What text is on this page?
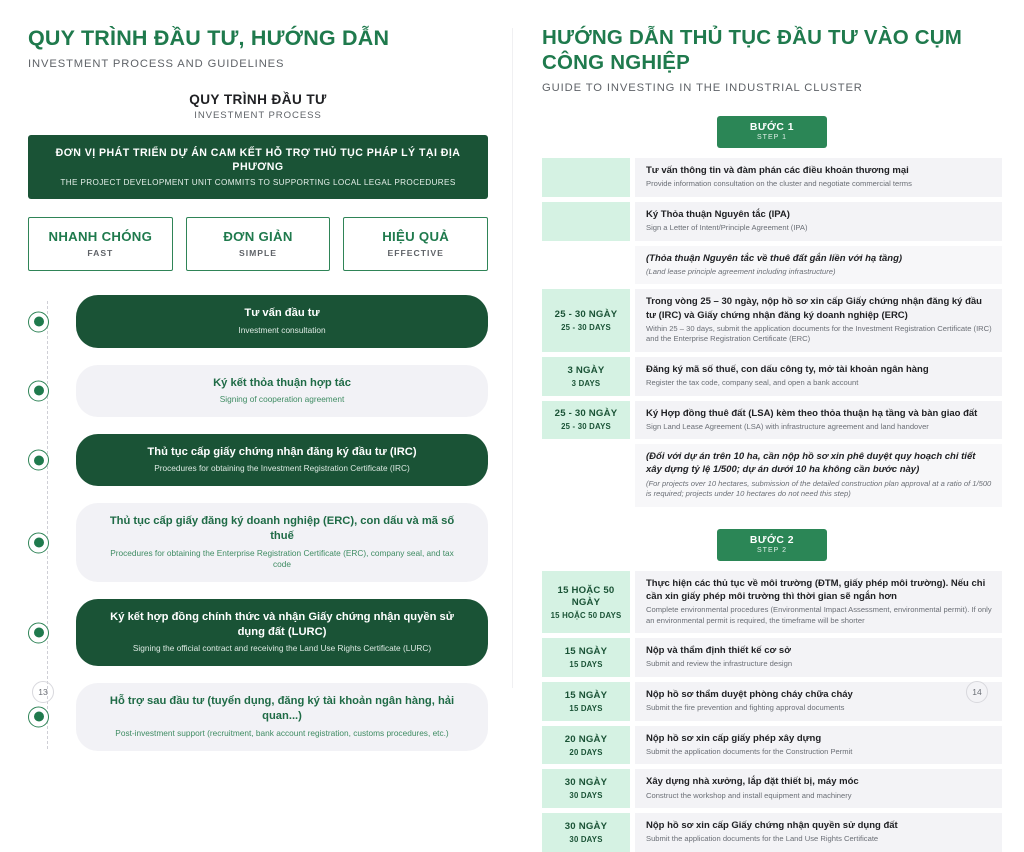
QUY TRÌNH ĐẦU TƯ, HƯỚNG DẪN
INVESTMENT PROCESS AND GUIDELINES
QUY TRÌNH ĐẦU TƯ
INVESTMENT PROCESS
ĐƠN VỊ PHÁT TRIỂN DỰ ÁN CAM KẾT HỖ TRỢ THỦ TỤC PHÁP LÝ TẠI ĐỊA PHƯƠNG
THE PROJECT DEVELOPMENT UNIT COMMITS TO SUPPORTING LOCAL LEGAL PROCEDURES
NHANH CHÓNG
FAST
ĐƠN GIẢN
SIMPLE
HIỆU QUẢ
EFFECTIVE
Tư vấn đầu tư
Investment consultation
Ký kết thỏa thuận hợp tác
Signing of cooperation agreement
Thủ tục cấp giấy chứng nhận đăng ký đầu tư (IRC)
Procedures for obtaining the Investment Registration Certificate (IRC)
Thủ tục cấp giấy đăng ký doanh nghiệp (ERC), con dấu và mã số thuế
Procedures for obtaining the Enterprise Registration Certificate (ERC), company seal, and tax code
Ký kết hợp đồng chính thức và nhận Giấy chứng nhận quyền sử dụng đất (LURC)
Signing the official contract and receiving the Land Use Rights Certificate (LURC)
Hỗ trợ sau đầu tư (tuyển dụng, đăng ký tài khoản ngân hàng, hải quan...)
Post-investment support (recruitment, bank account registration, customs procedures, etc.)
13
HƯỚNG DẪN THỦ TỤC ĐẦU TƯ VÀO CỤM CÔNG NGHIỆP
GUIDE TO INVESTING IN THE INDUSTRIAL CLUSTER
BƯỚC 1
STEP 1
Tư vấn thông tin và đàm phán các điều khoản thương mại
Provide information consultation on the cluster and negotiate commercial terms
Ký Thỏa thuận Nguyên tắc (IPA)
Sign a Letter of Intent/Principle Agreement (IPA)
(Thỏa thuận Nguyên tắc về thuê đất gắn liền với hạ tầng)
(Land lease principle agreement including infrastructure)
25 - 30 NGÀY
25 - 30 DAYS
Trong vòng 25 – 30 ngày, nộp hồ sơ xin cấp Giấy chứng nhận đăng ký đầu tư (IRC) và Giấy chứng nhận đăng ký doanh nghiệp (ERC)
Within 25 – 30 days, submit the application documents for the Investment Registration Certificate (IRC) and the Enterprise Registration Certificate (ERC)
3 NGÀY
3 DAYS
Đăng ký mã số thuế, con dấu công ty, mở tài khoản ngân hàng
Register the tax code, company seal, and open a bank account
25 - 30 NGÀY
25 - 30 DAYS
Ký Hợp đồng thuê đất (LSA) kèm theo thỏa thuận hạ tầng và bàn giao đất
Sign Land Lease Agreement (LSA) with infrastructure agreement and land handover
(Đối với dự án trên 10 ha, cần nộp hồ sơ xin phê duyệt quy hoạch chi tiết xây dựng tỷ lệ 1/500; dự án dưới 10 ha không cần bước này)
(For projects over 10 hectares, submission of the detailed construction plan approval at a ratio of 1/500 is required; projects under 10 hectares do not need this step)
BƯỚC 2
STEP 2
15 HOẶC 50 NGÀY
15 HOẶC 50 DAYS
Thực hiện các thủ tục về môi trường (ĐTM, giấy phép môi trường). Nếu chỉ cần xin giấy phép môi trường thì thời gian sẽ ngắn hơn
Complete environmental procedures (Environmental Impact Assessment, environmental permit). If only an environmental permit is required, the timeframe will be shorter
15 NGÀY
15 DAYS
Nộp và thẩm định thiết kế cơ sở
Submit and review the infrastructure design
15 NGÀY
15 DAYS
Nộp hồ sơ thẩm duyệt phòng cháy chữa cháy
Submit the fire prevention and fighting approval documents
20 NGÀY
20 DAYS
Nộp hồ sơ xin cấp giấy phép xây dựng
Submit the application documents for the Construction Permit
30 NGÀY
30 DAYS
Xây dựng nhà xưởng, lắp đặt thiết bị, máy móc
Construct the workshop and install equipment and machinery
30 NGÀY
30 DAYS
Nộp hồ sơ xin cấp Giấy chứng nhận quyền sử dụng đất
Submit the application documents for the Land Use Rights Certificate
14
